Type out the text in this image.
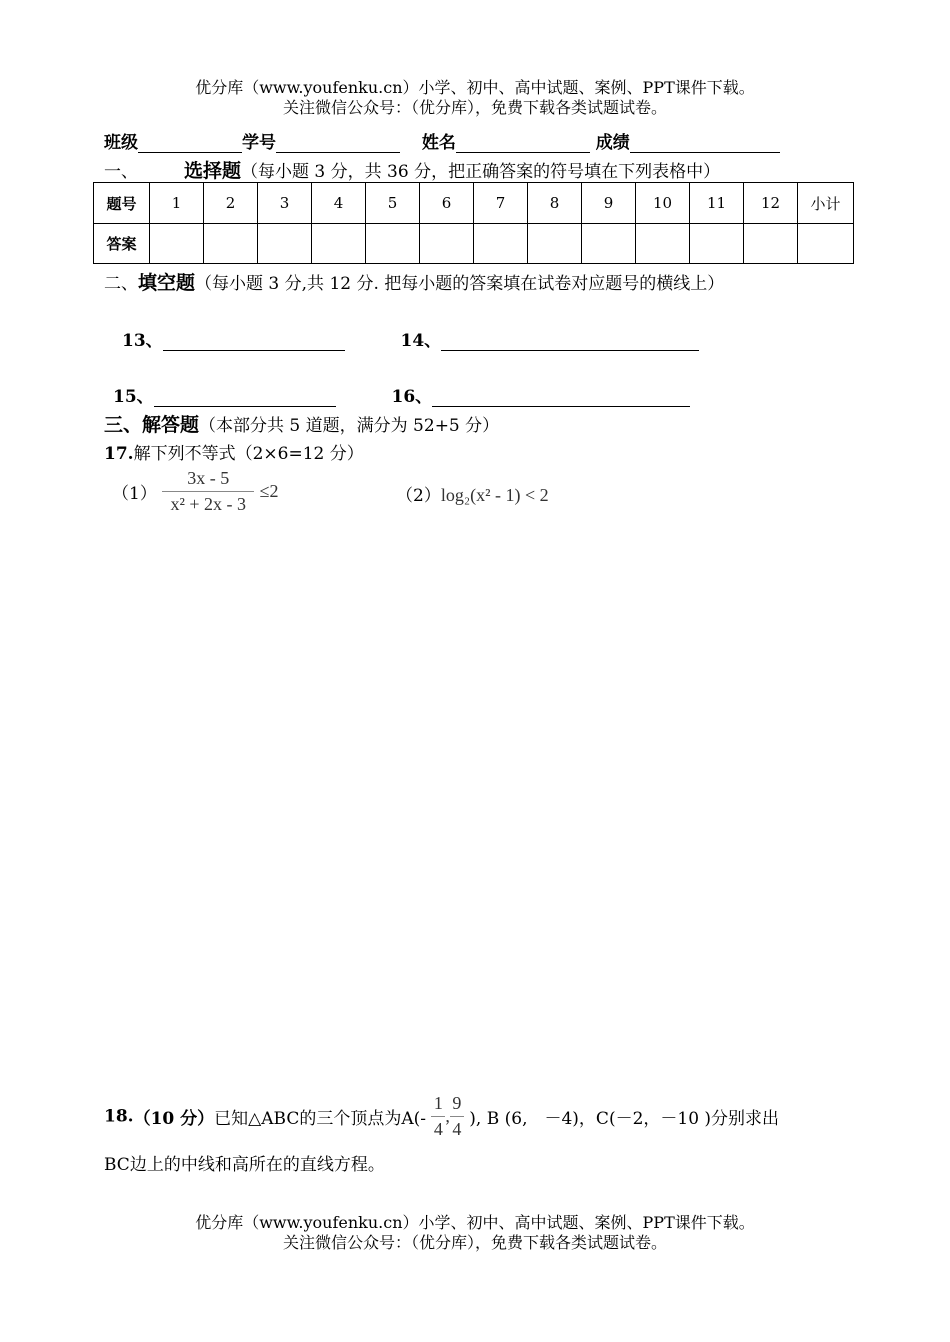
优分库（www.youfenku.cn）小学、初中、高中试题、案例、PPT课件下载。
关注微信公众号：（优分库），免费下载各类试题试卷。
班级	学号	姓名	成绩
一、 选择题（每小题 3 分，共 36 分，把正确答案的符号填在下列表格中）
题号	1	2	3	4	5	6	7	8	9	10	11	12	小计
答案													
二、填空题（每小题 3 分,共 12 分. 把每小题的答案填在试卷对应题号的横线上）
13、	14、
15、	16、
三、解答题（本部分共 5 道题，满分为 52+5 分）
17.解下列不等式（2×6=12 分）
$(1) \frac{3x - 5}{\text{x² + 2x - 3}} \le 2$	（2）log₂(x² - 1) < 2
18.（10 分）已知△ABC的三个顶点为$A(- \frac{1}{4}$ , $\frac{9}{4}$ ), B (6,　－4)，C(－2，－10 )分别求出
BC边上的中线和高所在的直线方程。
优分库（www.youfenku.cn）小学、初中、高中试题、案例、PPT课件下载。
关注微信公众号：（优分库），免费下载各类试题试卷。
